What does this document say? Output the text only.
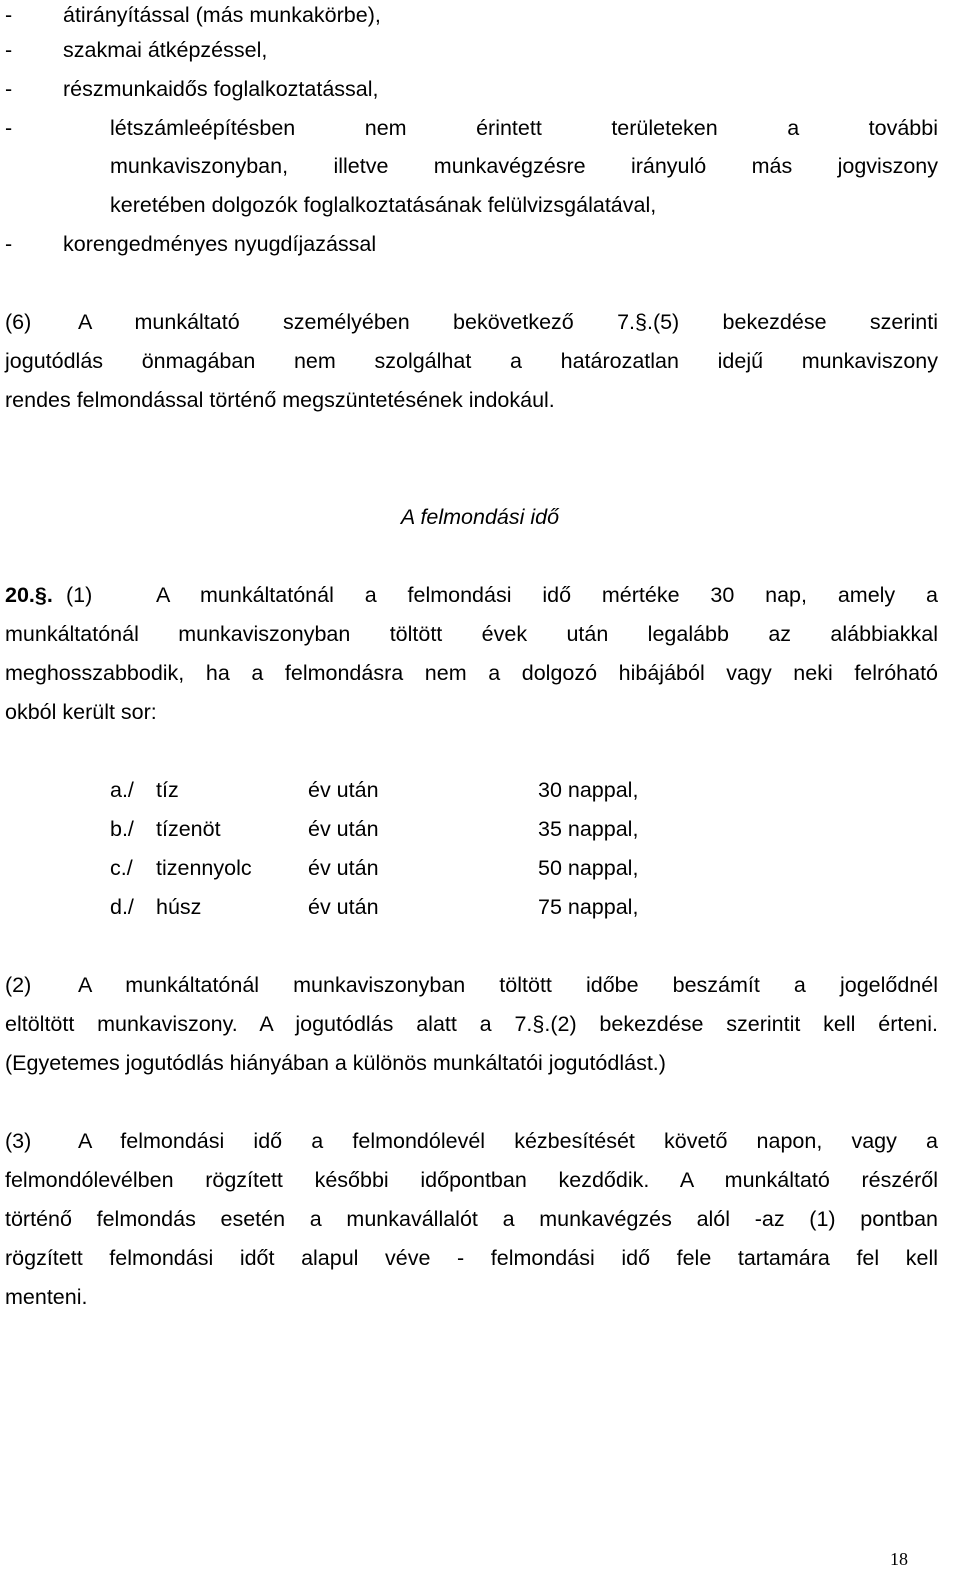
- átirányítással (más munkakörbe),
- szakmai átképzéssel,
- részmunkaidős foglalkoztatással,
-	létszámleépítésben nem érintett területeken a további
munkaviszonyban, illetve munkavégzésre irányuló más jogviszony
keretében dolgozók foglalkoztatásának felülvizsgálatával,
- korengedményes nyugdíjazással
(6)	A munkáltató személyében bekövetkező 7.§.(5) bekezdése szerinti
jogutódlás önmagában nem szolgálhat a határozatlan idejű munkaviszony
rendes felmondással történő megszüntetésének indokául.
A felmondási idő
20.§. (1)	A munkáltatónál a felmondási idő mértéke 30 nap, amely a
munkáltatónál munkaviszonyban töltött évek után legalább az alábbiakkal
meghosszabbodik, ha a felmondásra nem a dolgozó hibájából vagy neki felróható
okból került sor:
a./ tíz	év után	30 nappal,
b./ tízenöt	év után	35 nappal,
c./ tizennyolc	év után	50 nappal,
d./ húsz	év után	75 nappal,
(2)	A munkáltatónál munkaviszonyban töltött időbe beszámít a jogelődnél
eltöltött munkaviszony. A jogutódlás alatt a 7.§.(2) bekezdése szerintit kell érteni.
(Egyetemes jogutódlás hiányában a különös munkáltatói jogutódlást.)
(3)	A felmondási idő a felmondólevél kézbesítését követő napon, vagy a
felmondólevélben rögzített későbbi időpontban kezdődik. A munkáltató részéről
történő felmondás esetén a munkavállalót a munkavégzés alól -az (1) pontban
rögzített felmondási időt alapul véve - felmondási idő fele tartamára fel kell
menteni.
18
